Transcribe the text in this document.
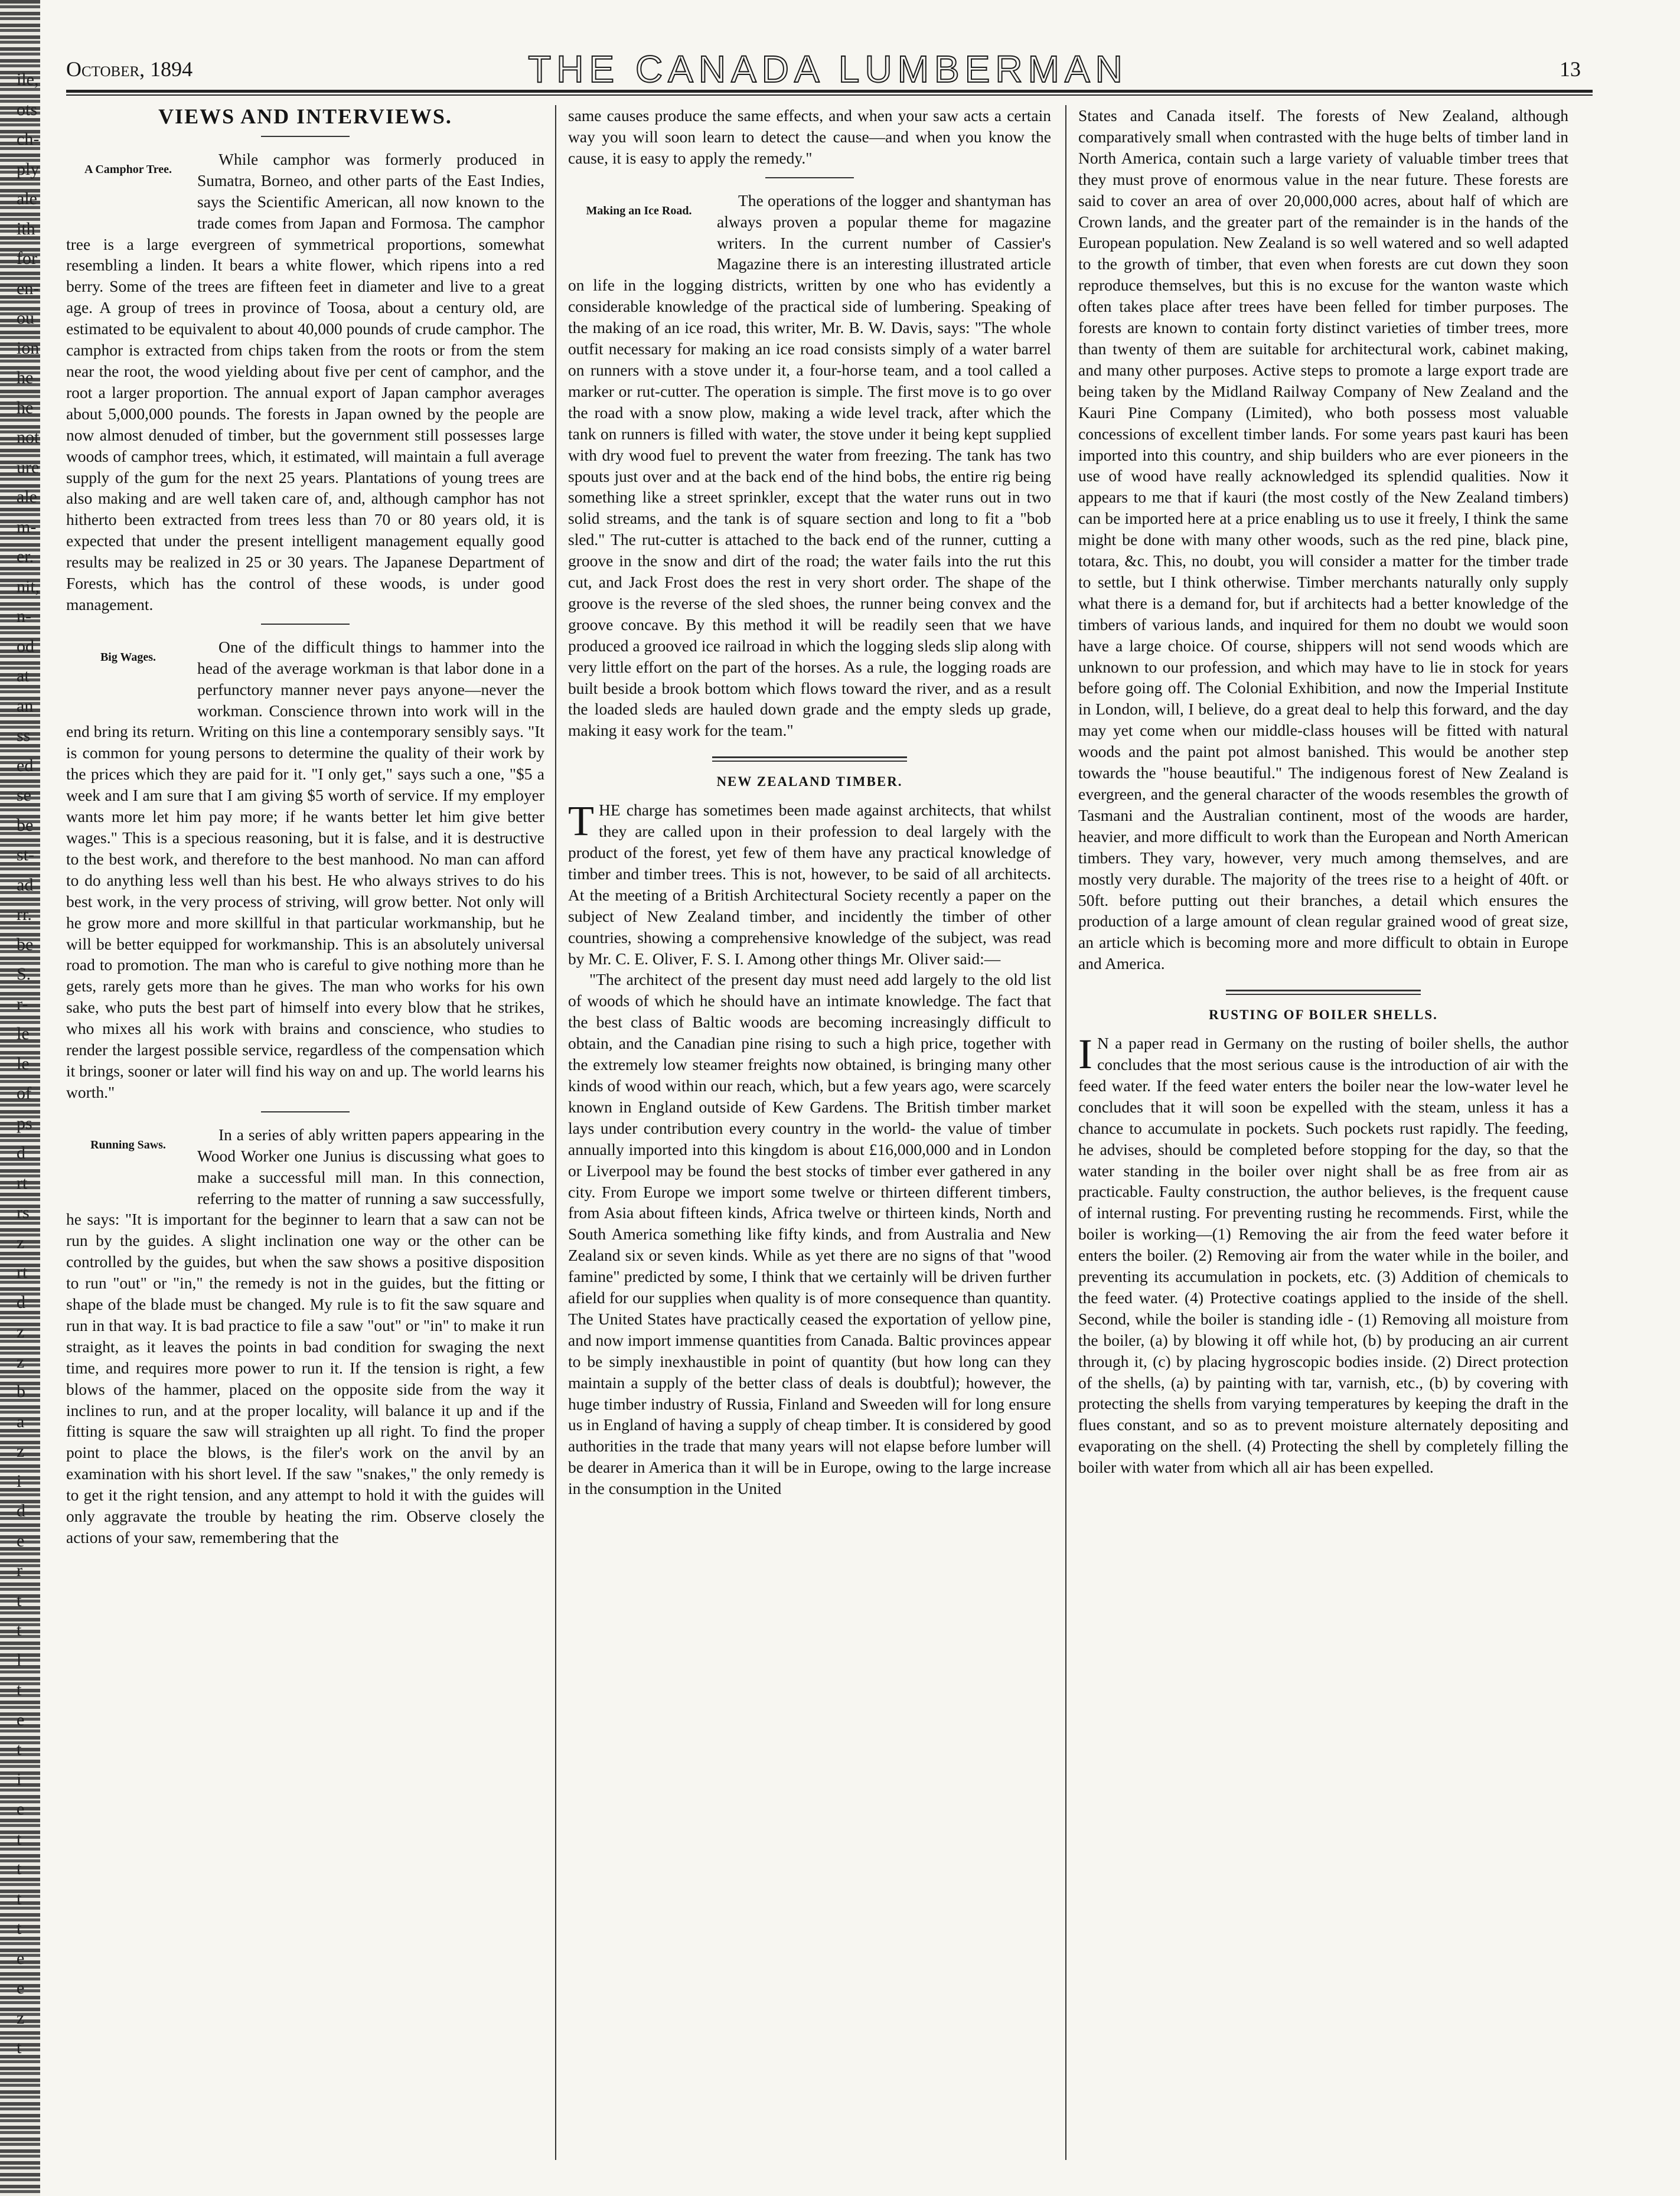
ile,
ots
ch-
ply
ale
ith
for
en-
ou
ion
he
he
not
ure
ale
m-
er.
nit,
n-
od
at
an
ss
ed
se
be
st-
ad
rr.
be
S.
r-
le
le
of
ps
d
rt
rs
z
rt
d
z
z
b
a
z
i
d
e
r
t
t
l
t
e
t
i
e
t
t
t
t
e
e
z
t
October, 1894	THE CANADA LUMBERMAN	13
VIEWS AND INTERVIEWS.
A Camphor Tree.

While camphor was formerly produced in Sumatra, Borneo, and other parts of the East Indies, says the Scientific American, all now known to the trade comes from Japan and Formosa. The camphor tree is a large evergreen of symmetrical proportions, somewhat resembling a linden. It bears a white flower, which ripens into a red berry. Some of the trees are fifteen feet in diameter and live to a great age. A group of trees in province of Toosa, about a century old, are estimated to be equivalent to about 40,000 pounds of crude camphor. The camphor is extracted from chips taken from the roots or from the stem near the root, the wood yielding about five per cent of camphor, and the root a larger proportion. The annual export of Japan camphor averages about 5,000,000 pounds. The forests in Japan owned by the people are now almost denuded of timber, but the government still possesses large woods of camphor trees, which, it estimated, will maintain a full average supply of the gum for the next 25 years. Plantations of young trees are also making and are well taken care of, and, although camphor has not hitherto been extracted from trees less than 70 or 80 years old, it is expected that under the present intelligent management equally good results may be realized in 25 or 30 years. The Japanese Department of Forests, which has the control of these woods, is under good management.

Big Wages.

One of the difficult things to hammer into the head of the average workman is that labor done in a perfunctory manner never pays anyone—never the workman. Conscience thrown into work will in the end bring its return. Writing on this line a contemporary sensibly says. "It is common for young persons to determine the quality of their work by the prices which they are paid for it. "I only get," says such a one, "$5 a week and I am sure that I am giving $5 worth of service. If my employer wants more let him pay more; if he wants better let him give better wages." This is a specious reasoning, but it is false, and it is destructive to the best work, and therefore to the best manhood. No man can afford to do anything less well than his best. He who always strives to do his best work, in the very process of striving, will grow better. Not only will he grow more and more skillful in that particular workmanship, but he will be better equipped for workmanship. This is an absolutely universal road to promotion. The man who is careful to give nothing more than he gets, rarely gets more than he gives. The man who works for his own sake, who puts the best part of himself into every blow that he strikes, who mixes all his work with brains and conscience, who studies to render the largest possible service, regardless of the compensation which it brings, sooner or later will find his way on and up. The world learns his worth."

Running Saws.

In a series of ably written papers appearing in the Wood Worker one Junius is discussing what goes to make a successful mill man. In this connection, referring to the matter of running a saw successfully, he says: "It is important for the beginner to learn that a saw can not be run by the guides. A slight inclination one way or the other can be controlled by the guides, but when the saw shows a positive disposition to run "out" or "in," the remedy is not in the guides, but the fitting or shape of the blade must be changed. My rule is to fit the saw square and run in that way. It is bad practice to file a saw "out" or "in" to make it run straight, as it leaves the points in bad condition for swaging the next time, and requires more power to run it. If the tension is right, a few blows of the hammer, placed on the opposite side from the way it inclines to run, and at the proper locality, will balance it up and if the fitting is square the saw will straighten up all right. To find the proper point to place the blows, is the filer's work on the anvil by an examination with his short level. If the saw "snakes," the only remedy is to get it the right tension, and any attempt to hold it with the guides will only aggravate the trouble by heating the rim. Observe closely the actions of your saw, remembering that the

same causes produce the same effects, and when your saw acts a certain way you will soon learn to detect the cause—and when you know the cause, it is easy to apply the remedy."

Making an Ice Road.

The operations of the logger and shantyman has always proven a popular theme for magazine writers. In the current number of Cassier's Magazine there is an interesting illustrated article on life in the logging districts, written by one who has evidently a considerable knowledge of the practical side of lumbering. Speaking of the making of an ice road, this writer, Mr. B. W. Davis, says: "The whole outfit necessary for making an ice road consists simply of a water barrel on runners with a stove under it, a four-horse team, and a tool called a marker or rut-cutter. The operation is simple. The first move is to go over the road with a snow plow, making a wide level track, after which the tank on runners is filled with water, the stove under it being kept supplied with dry wood fuel to prevent the water from freezing. The tank has two spouts just over and at the back end of the hind bobs, the entire rig being something like a street sprinkler, except that the water runs out in two solid streams, and the tank is of square section and long to fit a "bob sled." The rut-cutter is attached to the back end of the runner, cutting a groove in the snow and dirt of the road; the water fails into the rut this cut, and Jack Frost does the rest in very short order. The shape of the groove is the reverse of the sled shoes, the runner being convex and the groove concave. By this method it will be readily seen that we have produced a grooved ice railroad in which the logging sleds slip along with very little effort on the part of the horses. As a rule, the logging roads are built beside a brook bottom which flows toward the river, and as a result the loaded sleds are hauled down grade and the empty sleds up grade, making it easy work for the team."

NEW ZEALAND TIMBER.

THE charge has sometimes been made against architects, that whilst they are called upon in their profession to deal largely with the product of the forest, yet few of them have any practical knowledge of timber and timber trees. This is not, however, to be said of all architects. At the meeting of a British Architectural Society recently a paper on the subject of New Zealand timber, and incidently the timber of other countries, showing a comprehensive knowledge of the subject, was read by Mr. C. E. Oliver, F. S. I. Among other things Mr. Oliver said:—

"The architect of the present day must need add largely to the old list of woods of which he should have an intimate knowledge. The fact that the best class of Baltic woods are becoming increasingly difficult to obtain, and the Canadian pine rising to such a high price, together with the extremely low steamer freights now obtained, is bringing many other kinds of wood within our reach, which, but a few years ago, were scarcely known in England outside of Kew Gardens. The British timber market lays under contribution every country in the world- the value of timber annually imported into this kingdom is about £16,000,000 and in London or Liverpool may be found the best stocks of timber ever gathered in any city. From Europe we import some twelve or thirteen different timbers, from Asia about fifteen kinds, Africa twelve or thirteen kinds, North and South America something like fifty kinds, and from Australia and New Zealand six or seven kinds. While as yet there are no signs of that "wood famine" predicted by some, I think that we certainly will be driven further afield for our supplies when quality is of more consequence than quantity. The United States have practically ceased the exportation of yellow pine, and now import immense quantities from Canada. Baltic provinces appear to be simply inexhaustible in point of quantity (but how long can they maintain a supply of the better class of deals is doubtful); however, the huge timber industry of Russia, Finland and Sweeden will for long ensure us in England of having a supply of cheap timber. It is considered by good authorities in the trade that many years will not elapse before lumber will be dearer in America than it will be in Europe, owing to the large increase in the consumption in the United

States and Canada itself. The forests of New Zealand, although comparatively small when contrasted with the huge belts of timber land in North America, contain such a large variety of valuable timber trees that they must prove of enormous value in the near future. These forests are said to cover an area of over 20,000,000 acres, about half of which are Crown lands, and the greater part of the remainder is in the hands of the European population. New Zealand is so well watered and so well adapted to the growth of timber, that even when forests are cut down they soon reproduce themselves, but this is no excuse for the wanton waste which often takes place after trees have been felled for timber purposes. The forests are known to contain forty distinct varieties of timber trees, more than twenty of them are suitable for architectural work, cabinet making, and many other purposes. Active steps to promote a large export trade are being taken by the Midland Railway Company of New Zealand and the Kauri Pine Company (Limited), who both possess most valuable concessions of excellent timber lands. For some years past kauri has been imported into this country, and ship builders who are ever pioneers in the use of wood have really acknowledged its splendid qualities. Now it appears to me that if kauri (the most costly of the New Zealand timbers) can be imported here at a price enabling us to use it freely, I think the same might be done with many other woods, such as the red pine, black pine, totara, &c. This, no doubt, you will consider a matter for the timber trade to settle, but I think otherwise. Timber merchants naturally only supply what there is a demand for, but if architects had a better knowledge of the timbers of various lands, and inquired for them no doubt we would soon have a large choice. Of course, shippers will not send woods which are unknown to our profession, and which may have to lie in stock for years before going off. The Colonial Exhibition, and now the Imperial Institute in London, will, I believe, do a great deal to help this forward, and the day may yet come when our middle-class houses will be fitted with natural woods and the paint pot almost banished. This would be another step towards the "house beautiful." The indigenous forest of New Zealand is evergreen, and the general character of the woods resembles the growth of Tasmani and the Australian continent, most of the woods are harder, heavier, and more difficult to work than the European and North American timbers. They vary, however, very much among themselves, and are mostly very durable. The majority of the trees rise to a height of 40ft. or 50ft. before putting out their branches, a detail which ensures the production of a large amount of clean regular grained wood of great size, an article which is becoming more and more difficult to obtain in Europe and America.

RUSTING OF BOILER SHELLS.

I N a paper read in Germany on the rusting of boiler shells, the author concludes that the most serious cause is the introduction of air with the feed water. If the feed water enters the boiler near the low-water level he concludes that it will soon be expelled with the steam, unless it has a chance to accumulate in pockets. Such pockets rust rapidly. The feeding, he advises, should be completed before stopping for the day, so that the water standing in the boiler over night shall be as free from air as practicable. Faulty construction, the author believes, is the frequent cause of internal rusting. For preventing rusting he recommends. First, while the boiler is working—(1) Removing the air from the feed water before it enters the boiler. (2) Removing air from the water while in the boiler, and preventing its accumulation in pockets, etc. (3) Addition of chemicals to the feed water. (4) Protective coatings applied to the inside of the shell. Second, while the boiler is standing idle - (1) Removing all moisture from the boiler, (a) by blowing it off while hot, (b) by producing an air current through it, (c) by placing hygroscopic bodies inside. (2) Direct protection of the shells, (a) by painting with tar, varnish, etc., (b) by covering with protecting the shells from varying temperatures by keeping the draft in the flues constant, and so as to prevent moisture alternately depositing and evaporating on the shell. (4) Protecting the shell by completely filling the boiler with water from which all air has been expelled.
